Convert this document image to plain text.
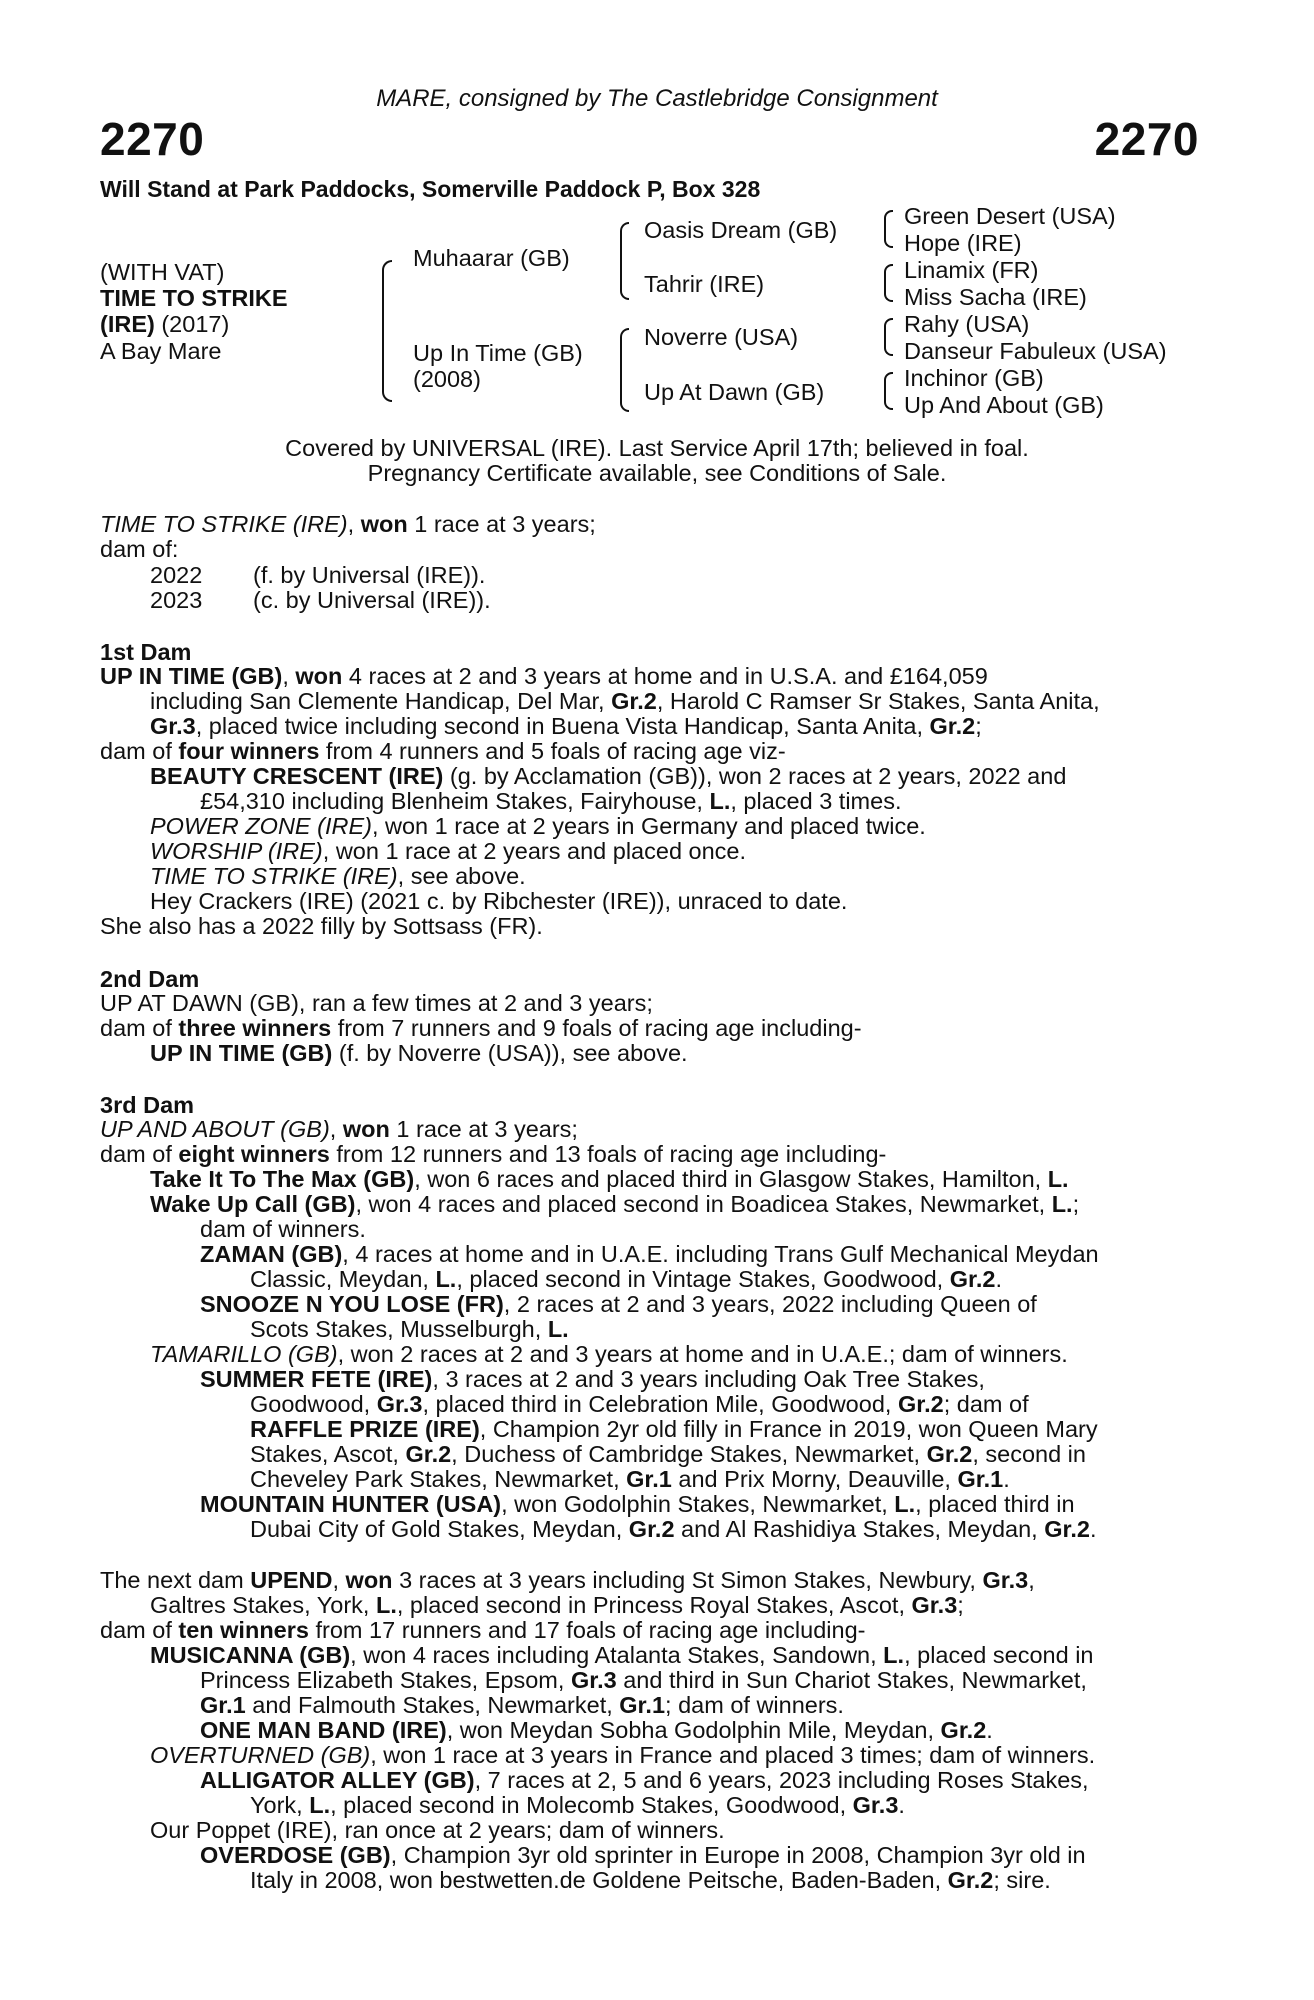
MARE, consigned by The Castlebridge Consignment
2270	2270
Will Stand at Park Paddocks, Somerville Paddock P, Box 328
(WITH VAT)
TIME TO STRIKE
(IRE) (2017)
A Bay Mare
Muhaarar (GB)
Up In Time (GB)
(2008)
Oasis Dream (GB)
Tahrir (IRE)
Noverre (USA)
Up At Dawn (GB)
Green Desert (USA)
Hope (IRE)
Linamix (FR)
Miss Sacha (IRE)
Rahy (USA)
Danseur Fabuleux (USA)
Inchinor (GB)
Up And About (GB)
Covered by UNIVERSAL (IRE). Last Service April 17th; believed in foal.
Pregnancy Certificate available, see Conditions of Sale.
TIME TO STRIKE (IRE), won 1 race at 3 years;
dam of:
2022 (f. by Universal (IRE)).
2023 (c. by Universal (IRE)).
1st Dam
UP IN TIME (GB), won 4 races at 2 and 3 years at home and in U.S.A. and £164,059
including San Clemente Handicap, Del Mar, Gr.2, Harold C Ramser Sr Stakes, Santa Anita,
Gr.3, placed twice including second in Buena Vista Handicap, Santa Anita, Gr.2;
dam of four winners from 4 runners and 5 foals of racing age viz-
BEAUTY CRESCENT (IRE) (g. by Acclamation (GB)), won 2 races at 2 years, 2022 and
£54,310 including Blenheim Stakes, Fairyhouse, L., placed 3 times.
POWER ZONE (IRE), won 1 race at 2 years in Germany and placed twice.
WORSHIP (IRE), won 1 race at 2 years and placed once.
TIME TO STRIKE (IRE), see above.
Hey Crackers (IRE) (2021 c. by Ribchester (IRE)), unraced to date.
She also has a 2022 filly by Sottsass (FR).
2nd Dam
UP AT DAWN (GB), ran a few times at 2 and 3 years;
dam of three winners from 7 runners and 9 foals of racing age including-
UP IN TIME (GB) (f. by Noverre (USA)), see above.
3rd Dam
UP AND ABOUT (GB), won 1 race at 3 years;
dam of eight winners from 12 runners and 13 foals of racing age including-
Take It To The Max (GB), won 6 races and placed third in Glasgow Stakes, Hamilton, L.
Wake Up Call (GB), won 4 races and placed second in Boadicea Stakes, Newmarket, L.;
dam of winners.
ZAMAN (GB), 4 races at home and in U.A.E. including Trans Gulf Mechanical Meydan
Classic, Meydan, L., placed second in Vintage Stakes, Goodwood, Gr.2.
SNOOZE N YOU LOSE (FR), 2 races at 2 and 3 years, 2022 including Queen of
Scots Stakes, Musselburgh, L.
TAMARILLO (GB), won 2 races at 2 and 3 years at home and in U.A.E.; dam of winners.
SUMMER FETE (IRE), 3 races at 2 and 3 years including Oak Tree Stakes,
Goodwood, Gr.3, placed third in Celebration Mile, Goodwood, Gr.2; dam of
RAFFLE PRIZE (IRE), Champion 2yr old filly in France in 2019, won Queen Mary
Stakes, Ascot, Gr.2, Duchess of Cambridge Stakes, Newmarket, Gr.2, second in
Cheveley Park Stakes, Newmarket, Gr.1 and Prix Morny, Deauville, Gr.1.
MOUNTAIN HUNTER (USA), won Godolphin Stakes, Newmarket, L., placed third in
Dubai City of Gold Stakes, Meydan, Gr.2 and Al Rashidiya Stakes, Meydan, Gr.2.
The next dam UPEND, won 3 races at 3 years including St Simon Stakes, Newbury, Gr.3,
Galtres Stakes, York, L., placed second in Princess Royal Stakes, Ascot, Gr.3;
dam of ten winners from 17 runners and 17 foals of racing age including-
MUSICANNA (GB), won 4 races including Atalanta Stakes, Sandown, L., placed second in
Princess Elizabeth Stakes, Epsom, Gr.3 and third in Sun Chariot Stakes, Newmarket,
Gr.1 and Falmouth Stakes, Newmarket, Gr.1; dam of winners.
ONE MAN BAND (IRE), won Meydan Sobha Godolphin Mile, Meydan, Gr.2.
OVERTURNED (GB), won 1 race at 3 years in France and placed 3 times; dam of winners.
ALLIGATOR ALLEY (GB), 7 races at 2, 5 and 6 years, 2023 including Roses Stakes,
York, L., placed second in Molecomb Stakes, Goodwood, Gr.3.
Our Poppet (IRE), ran once at 2 years; dam of winners.
OVERDOSE (GB), Champion 3yr old sprinter in Europe in 2008, Champion 3yr old in
Italy in 2008, won bestwetten.de Goldene Peitsche, Baden-Baden, Gr.2; sire.
